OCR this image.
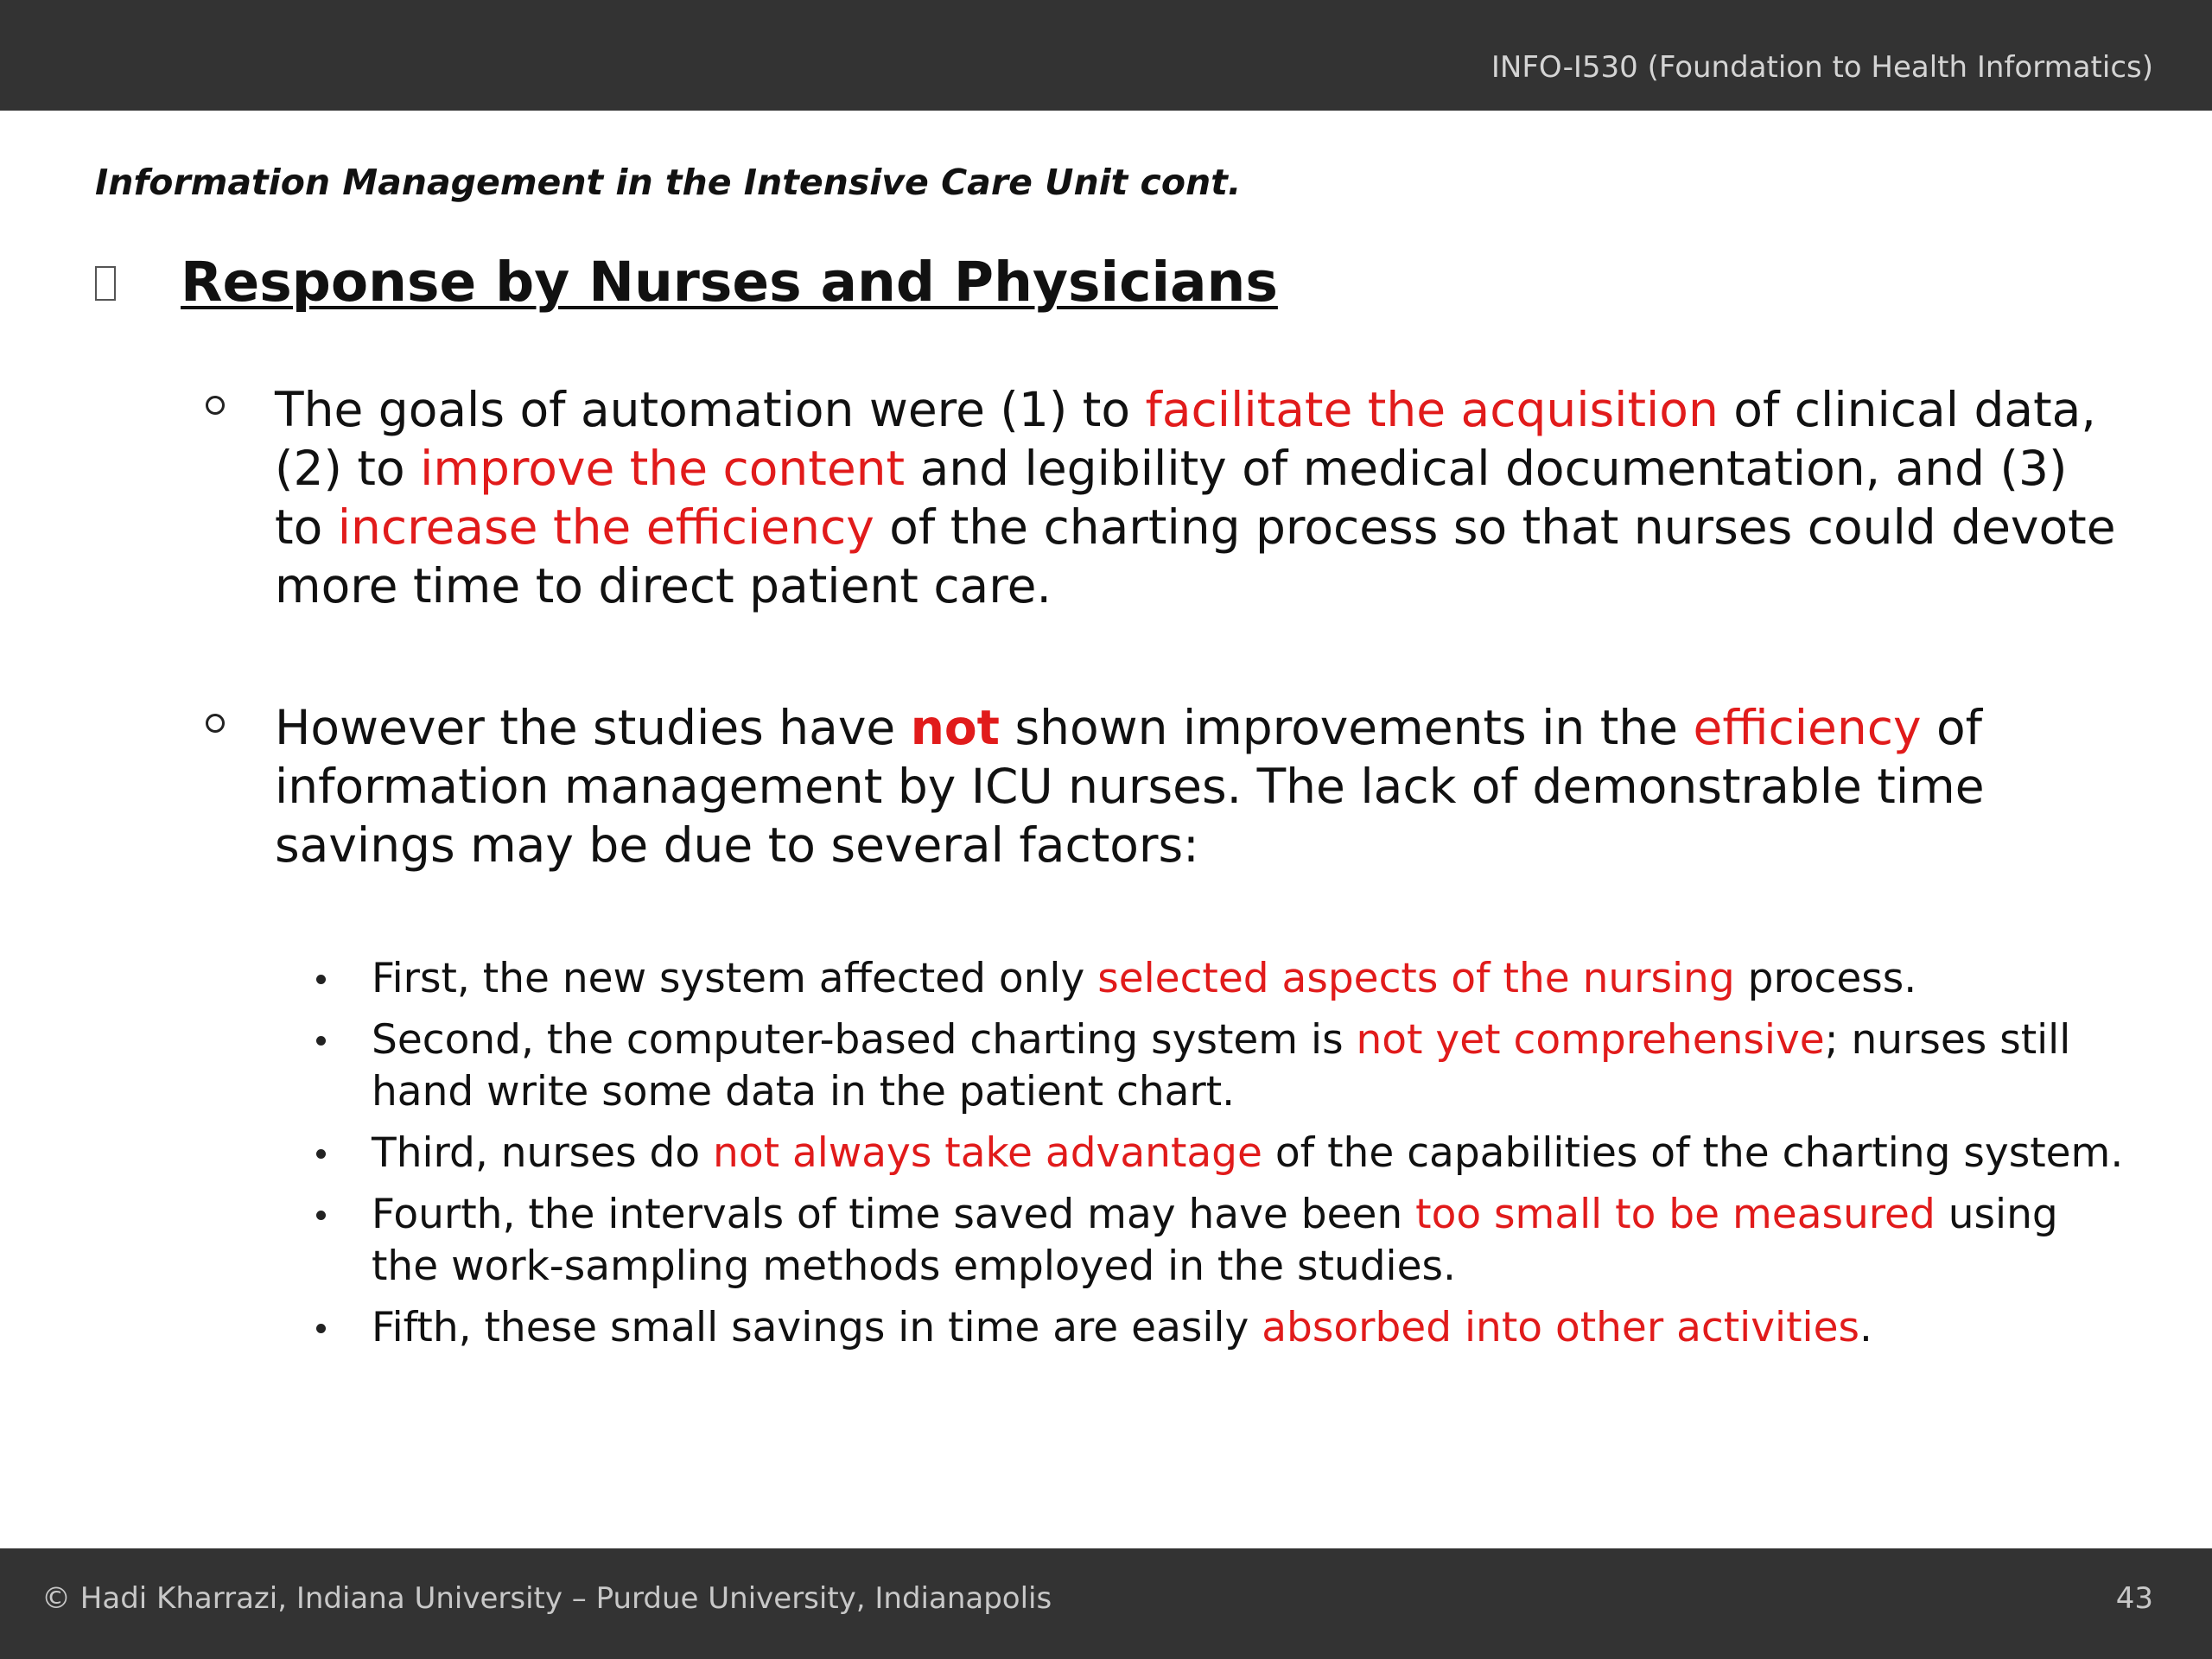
INFO-I530 (Foundation to Health Informatics)
Information Management in the Intensive Care Unit cont.
Response by Nurses and Physicians
The goals of automation were (1) to facilitate the acquisition of clinical data, (2) to improve the content and legibility of medical documentation, and (3) to increase the efficiency of the charting process so that nurses could devote more time to direct patient care.
However the studies have not shown improvements in the efficiency of information management by ICU nurses. The lack of demonstrable time savings may be due to several factors:
First, the new system affected only selected aspects of the nursing process.
Second, the computer-based charting system is not yet comprehensive; nurses still hand write some data in the patient chart.
Third, nurses do not always take advantage of the capabilities of the charting system.
Fourth, the intervals of time saved may have been too small to be measured using the work-sampling methods employed in the studies.
Fifth, these small savings in time are easily absorbed into other activities.
© Hadi Kharrazi, Indiana University – Purdue University, Indianapolis	43
